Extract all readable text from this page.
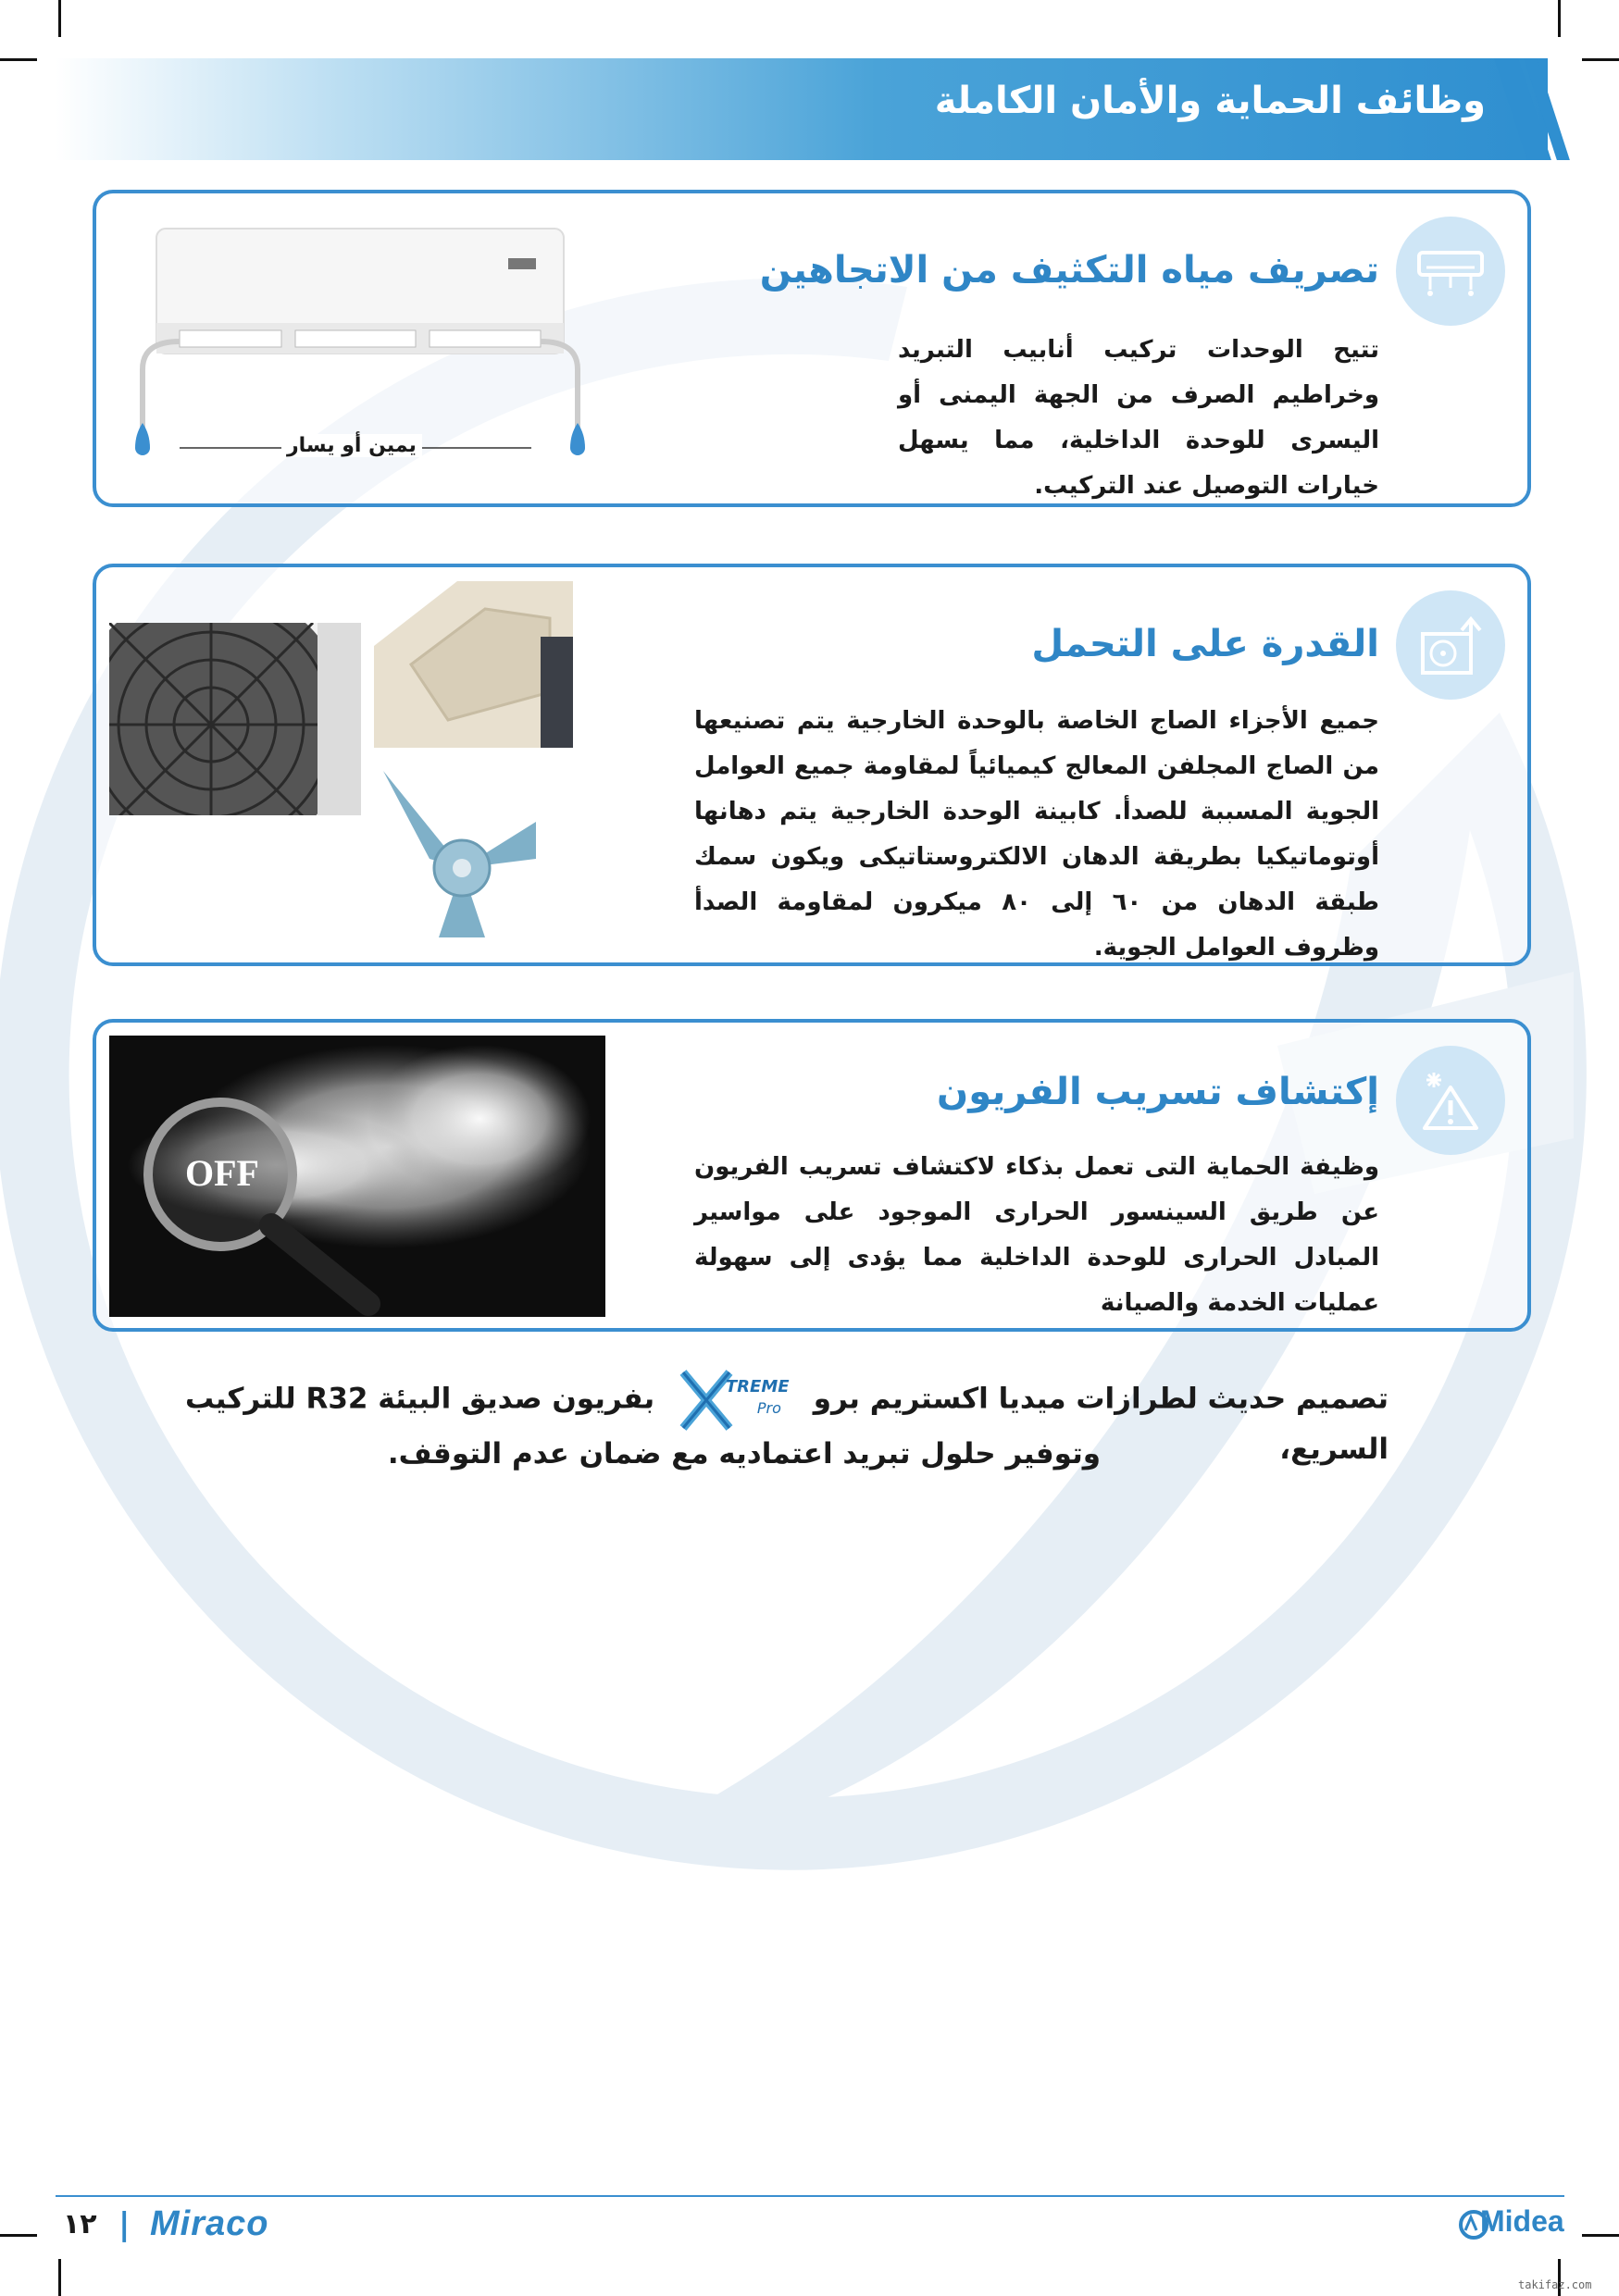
وظائف الحماية والأمان الكاملة
تصريف مياه التكثيف من الاتجاهين
تتيح الوحدات تركيب أنابيب التبريد وخراطيم الصرف من الجهة اليمنى أو اليسرى للوحدة الداخلية، مما يسهل خيارات التوصيل عند التركيب.
يمين أو يسار
القدرة على التحمل
جميع الأجزاء الصاج الخاصة بالوحدة الخارجية يتم تصنيعها من الصاج المجلفن المعالج كيميائياً لمقاومة جميع العوامل الجوية المسببة للصدأ. كابينة الوحدة الخارجية يتم دهانها أوتوماتيكيا بطريقة الدهان الالكتروستاتيكى ويكون سمك طبقة الدهان من ٦٠ إلى ٨٠ ميكرون لمقاومة الصدأ وظروف العوامل الجوية.
إكتشاف تسريب الفريون
وظيفة الحماية التى تعمل بذكاء لاكتشاف تسريب الفريون عن طريق السينسور الحرارى الموجود على مواسير المبادل الحرارى للوحدة الداخلية مما يؤدى إلى سهولة عمليات الخدمة والصيانة
OFF
تصميم حديث لطرازات ميديا اكستريم برو
TREME
Pro
بفريون صديق البيئة R32 للتركيب السريع،
وتوفير حلول تبريد اعتماديه مع ضمان عدم التوقف.
١٢ | Miraco	Midea
takifaz.com
